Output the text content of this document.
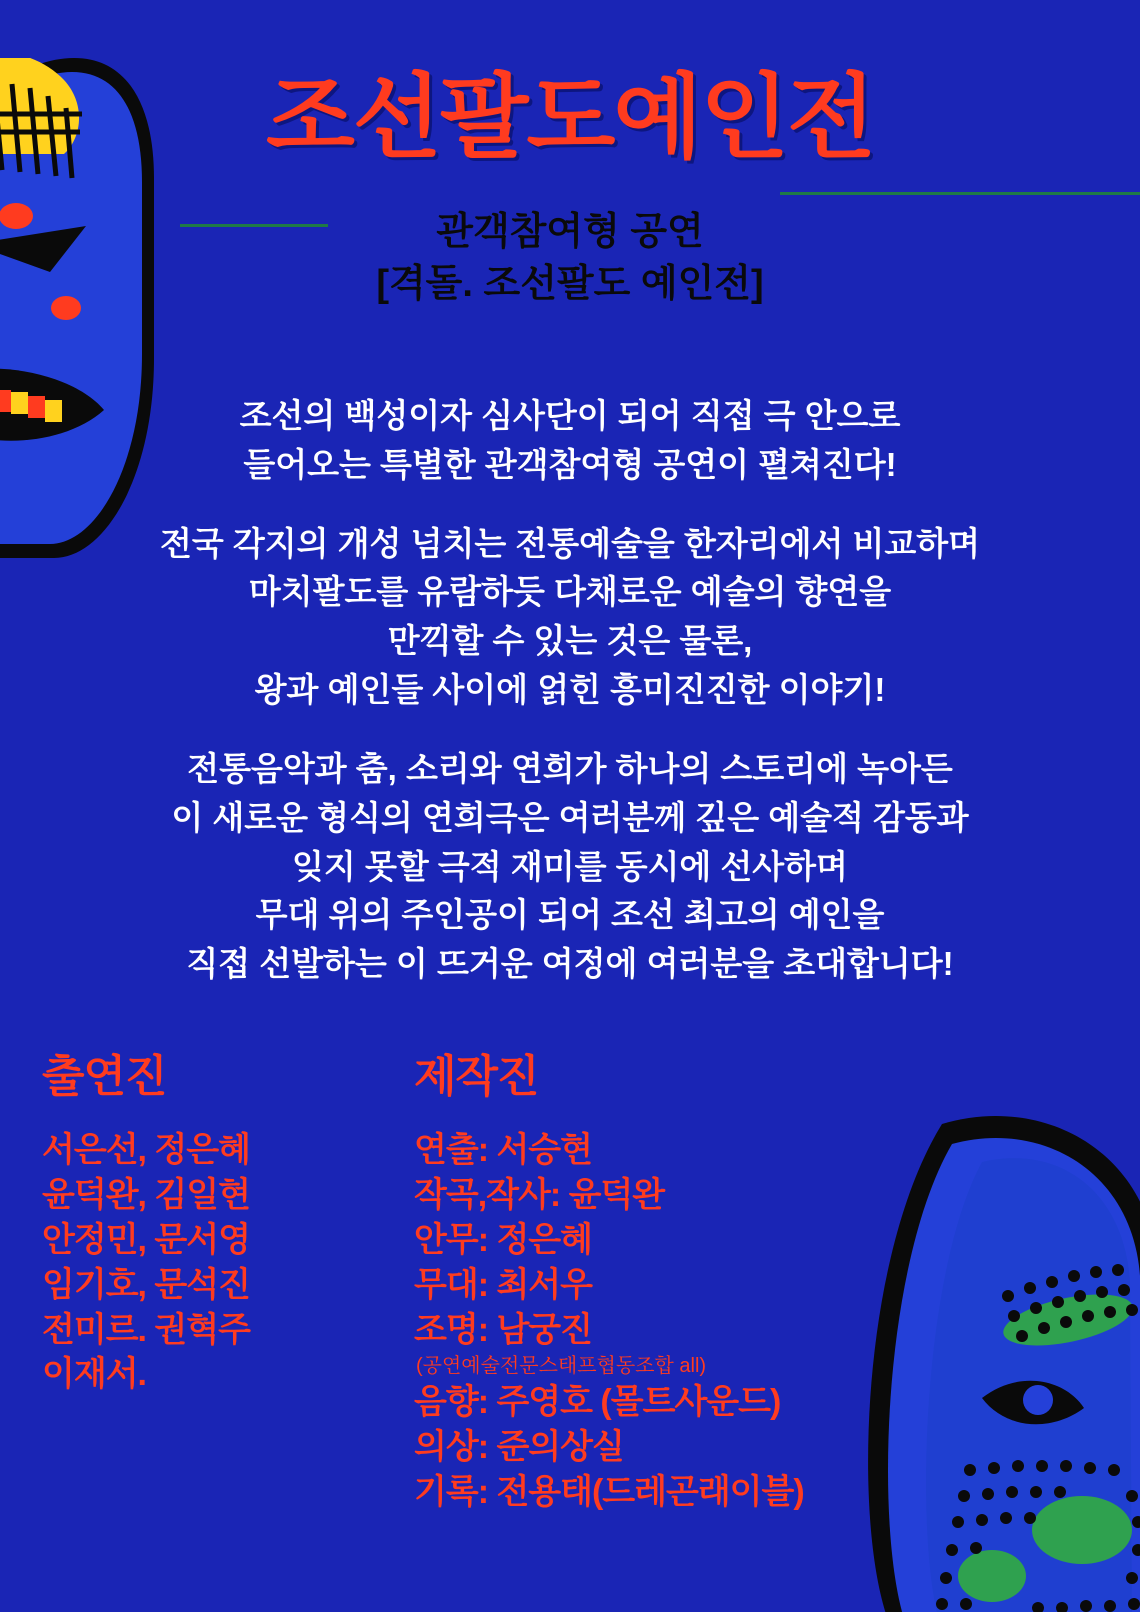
조선팔도예인전
관객참여형 공연
[격돌. 조선팔도 예인전]

조선의 백성이자 심사단이 되어 직접 극 안으로
들어오는 특별한 관객참여형 공연이 펼쳐진다!

전국 각지의 개성 넘치는 전통예술을 한자리에서 비교하며
마치팔도를 유람하듯 다채로운 예술의 향연을
만끽할 수 있는 것은 물론,
왕과 예인들 사이에 얽힌 흥미진진한 이야기!

전통음악과 춤, 소리와 연희가 하나의 스토리에 녹아든
이 새로운 형식의 연희극은 여러분께 깊은 예술적 감동과
잊지 못할 극적 재미를 동시에 선사하며
무대 위의 주인공이 되어 조선 최고의 예인을
직접 선발하는 이 뜨거운 여정에 여러분을 초대합니다!

출연진
서은선, 정은혜
윤덕완, 김일현
안정민, 문서영
임기호, 문석진
전미르. 권혁주
이재서.
제작진
연출: 서승현
작곡,작사: 윤덕완
안무: 정은혜
무대: 최서우
조명: 남궁진
(공연예술전문스태프협동조합 all)
음향: 주영호 (몰트사운드)
의상: 준의상실
기록: 전용태(드레곤래이블)
